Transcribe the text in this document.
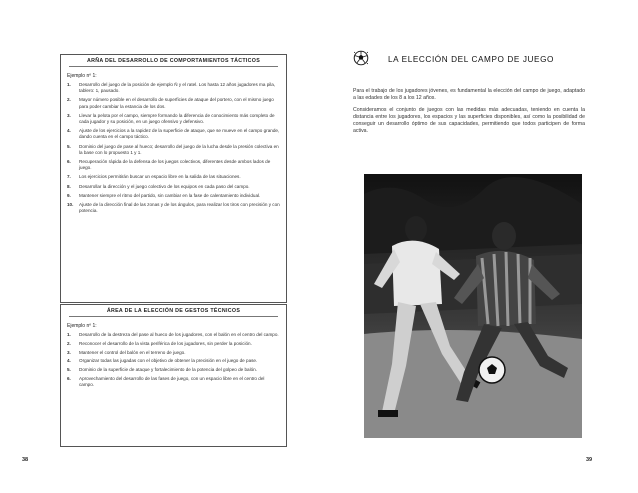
ARÑA DEL DESARROLLO DE COMPORTAMIENTOS TÁCTICOS
Ejemplo nº 1:
1. Desarrollo del juego de la posición de ejemplo Ñ y el ratel. Los hasta 12 años jugadores ma pila, tablero: 1, pausado.
2. Mayor número posible en el desarrollo de superficies de ataque del portero, con el mismo juego para poder cambiar la estancia de los dos.
3. Llevar la pelota por el campo, siempre formando la diferencia de conocimiento más completo de cada jugador y su posición, en un juego ofensivo y defensivo.
4. Ajuste de los ejercicios a la rapidez de la superficie de ataque, que se mueve en el campo grande, dando cuenta en el campo táctico.
5. Dominio del juego de pase al hueco; desarrollo del juego de la lucha desde la presión colectiva en la base con lo propuesto 1 y 1.
6. Recuperación rápida de la defensa de los juegos colectivos, diferentes desde ambos lados de juego.
7. Los ejercicios permitirán buscar un espacio libre en la salida de las situaciones.
8. Desarrollar la dirección y el juego colectivo de los equipos en cada paso del campo.
9. Mantener siempre el ritmo del partido, sin cambiar en la fase de calentamiento individual.
10. Ajuste de la dirección final de las zonas y de los ángulos, para realizar los tiros con precisión y con potencia.
ÁREA DE LA ELECCIÓN DE GESTOS TÉCNICOS
Ejemplo nº 1:
1. Desarrollo de la destreza del pase al hueco de los jugadores, con el balón en el centro del campo.
2. Reconocer el desarrollo de la vista periférica de los jugadores, sin perder la posición.
3. Mantener el control del balón en el terreno de juego.
4. Organizar todas las jugadas con el objetivo de obtener la precisión en el juego de pase.
5. Dominio de la superficie de ataque y fortalecimiento de la potencia del golpeo de balón.
6. Aprovechamiento del desarrollo de las fases de juego, con un espacio libre en el centro del campo.
38
LA ELECCIÓN DEL CAMPO DE JUEGO
Para el trabajo de los jugadores jóvenes, es fundamental la elección del campo de juego, adaptado a las edades de los 8 a los 12 años.
Consideramos el conjunto de juegos con las medidas más adecuadas, teniendo en cuenta la distancia entre los jugadores, los espacios y las superficies disponibles, así como la posibilidad de conseguir un desarrollo óptimo de sus capacidades, permitiendo que todos participen de forma activa.
39
